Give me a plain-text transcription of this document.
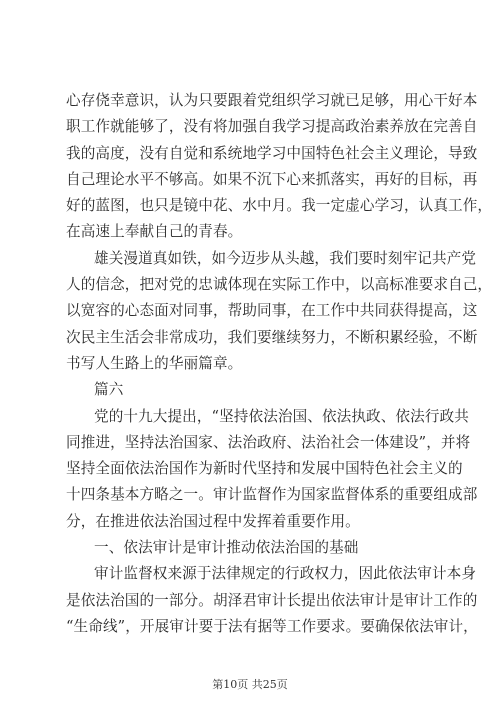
心存侥幸意识，认为只要跟着党组织学习就已足够，用心干好本
职工作就能够了，没有将加强自我学习提高政治素养放在完善自
我的高度，没有自觉和系统地学习中国特色社会主义理论，导致
自己理论水平不够高。如果不沉下心来抓落实，再好的目标，再
好的蓝图，也只是镜中花、水中月。我一定虚心学习，认真工作，
在高速上奉献自己的青春。
雄关漫道真如铁，如今迈步从头越，我们要时刻牢记共产党
人的信念，把对党的忠诚体现在实际工作中，以高标准要求自己，
以宽容的心态面对同事，帮助同事，在工作中共同获得提高，这
次民主生活会非常成功，我们要继续努力，不断积累经验，不断
书写人生路上的华丽篇章。
篇六
党的十九大提出，“坚持依法治国、依法执政、依法行政共
同推进，坚持法治国家、法治政府、法治社会一体建设”，并将
坚持全面依法治国作为新时代坚持和发展中国特色社会主义的
十四条基本方略之一。审计监督作为国家监督体系的重要组成部
分，在推进依法治国过程中发挥着重要作用。
一、依法审计是审计推动依法治国的基础
审计监督权来源于法律规定的行政权力，因此依法审计本身
是依法治国的一部分。胡泽君审计长提出依法审计是审计工作的
“生命线”，开展审计要于法有据等工作要求。要确保依法审计，
第10页 共25页
